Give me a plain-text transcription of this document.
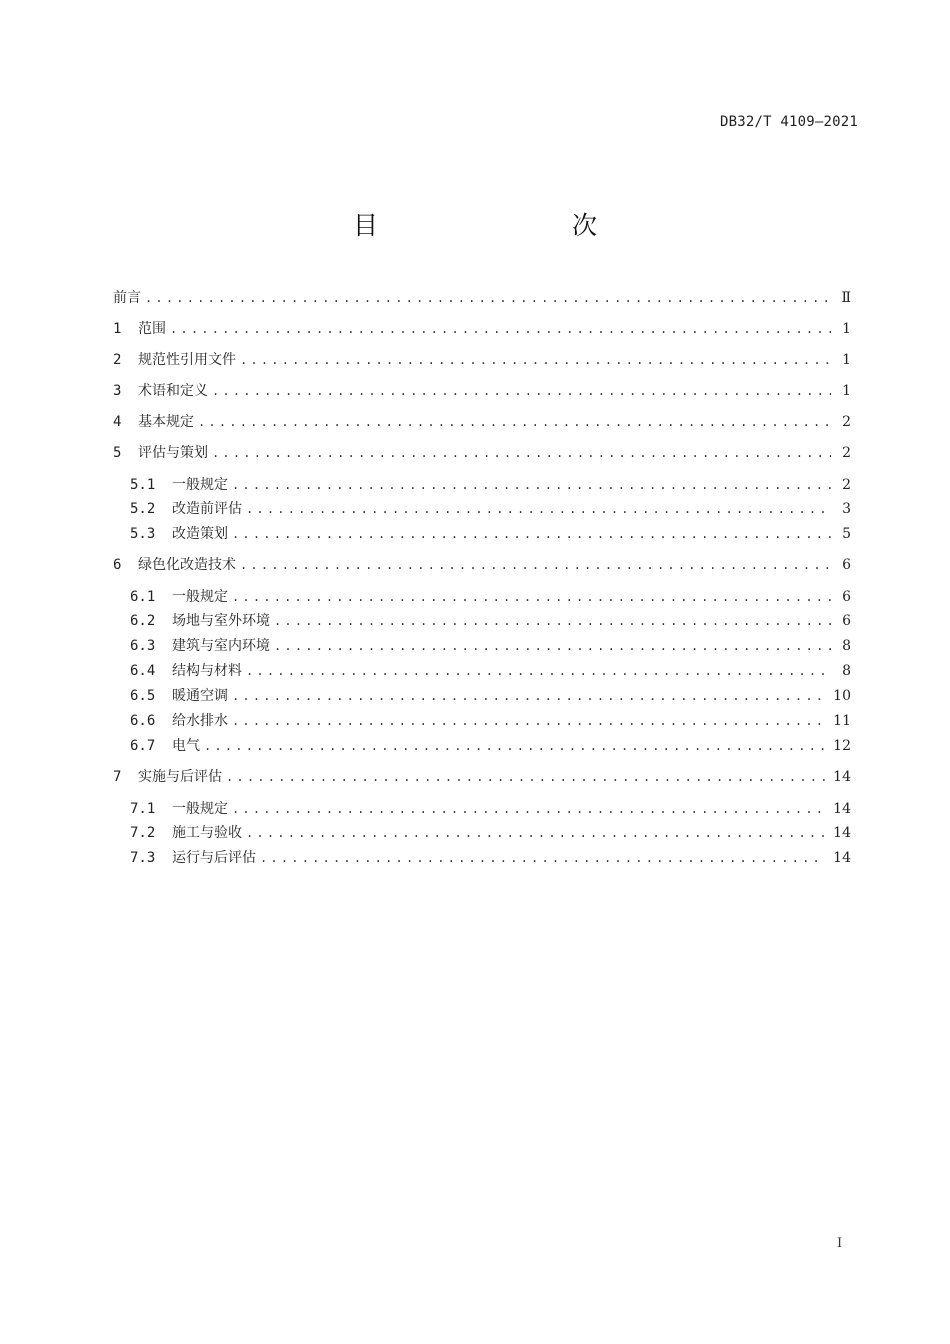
DB32/T 4109—2021
目　　次
前言 .....	Ⅱ
1	范围 .....	1
2	规范性引用文件 .....	1
3	术语和定义 .....	1
4	基本规定 .....	2
5	评估与策划 .....	2
5.1	一般规定 .....	2
5.2	改造前评估 .....	3
5.3	改造策划 .....	5
6	绿色化改造技术 .....	6
6.1	一般规定 .....	6
6.2	场地与室外环境 .....	6
6.3	建筑与室内环境 .....	8
6.4	结构与材料 .....	8
6.5	暖通空调 .....	10
6.6	给水排水 .....	11
6.7	电气 .....	12
7	实施与后评估 .....	14
7.1	一般规定 .....	14
7.2	施工与验收 .....	14
7.3	运行与后评估 .....	14
I
